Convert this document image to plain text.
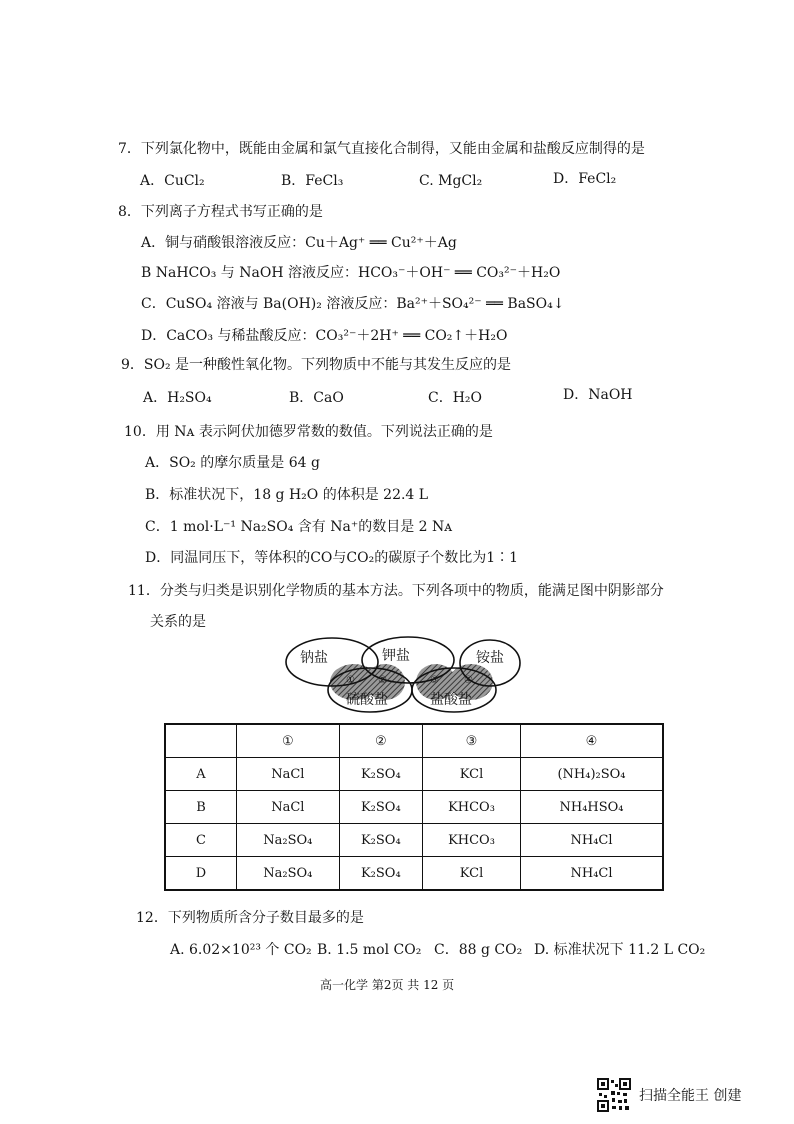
7．下列氯化物中，既能由金属和氯气直接化合制得，又能由金属和盐酸反应制得的是
A．CuCl₂	B．FeCl₃	C. MgCl₂	D．FeCl₂
8．下列离子方程式书写正确的是
A．铜与硝酸银溶液反应：Cu＋Ag⁺ ══ Cu²⁺＋Ag
B NaHCO₃ 与 NaOH 溶液反应：HCO₃⁻＋OH⁻ ══ CO₃²⁻＋H₂O
C．CuSO₄ 溶液与 Ba(OH)₂ 溶液反应：Ba²⁺＋SO₄²⁻ ══ BaSO₄↓
D．CaCO₃ 与稀盐酸反应：CO₃²⁻＋2H⁺ ══ CO₂↑＋H₂O
9．SO₂ 是一种酸性氧化物。下列物质中不能与其发生反应的是
A．H₂SO₄	B．CaO	C．H₂O	D．NaOH
10．用 Nᴀ 表示阿伏加德罗常数的数值。下列说法正确的是
A．SO₂ 的摩尔质量是 64 g
B．标准状况下，18 g H₂O 的体积是 22.4 L
C．1 mol·L⁻¹ Na₂SO₄ 含有 Na⁺的数目是 2 Nᴀ
D．同温同压下，等体积的CO与CO₂的碳原子个数比为1∶1
11．分类与归类是识别化学物质的基本方法。下列各项中的物质，能满足图中阴影部分
关系的是
钠盐	钾盐	铵盐
硫酸盐	盐酸盐
① ②	③	④
	①	②	③	④
A	NaCl	K₂SO₄	KCl	(NH₄)₂SO₄
B	NaCl	K₂SO₄	KHCO₃	NH₄HSO₄
C	Na₂SO₄	K₂SO₄	KHCO₃	NH₄Cl
D	Na₂SO₄	K₂SO₄	KCl	NH₄Cl
12．下列物质所含分子数目最多的是
A. 6.02×10²³ 个 CO₂ B. 1.5 mol CO₂ C．88 g CO₂ D. 标准状况下 11.2 L CO₂
高一化学 第2页 共 12 页
扫描全能王 创建
